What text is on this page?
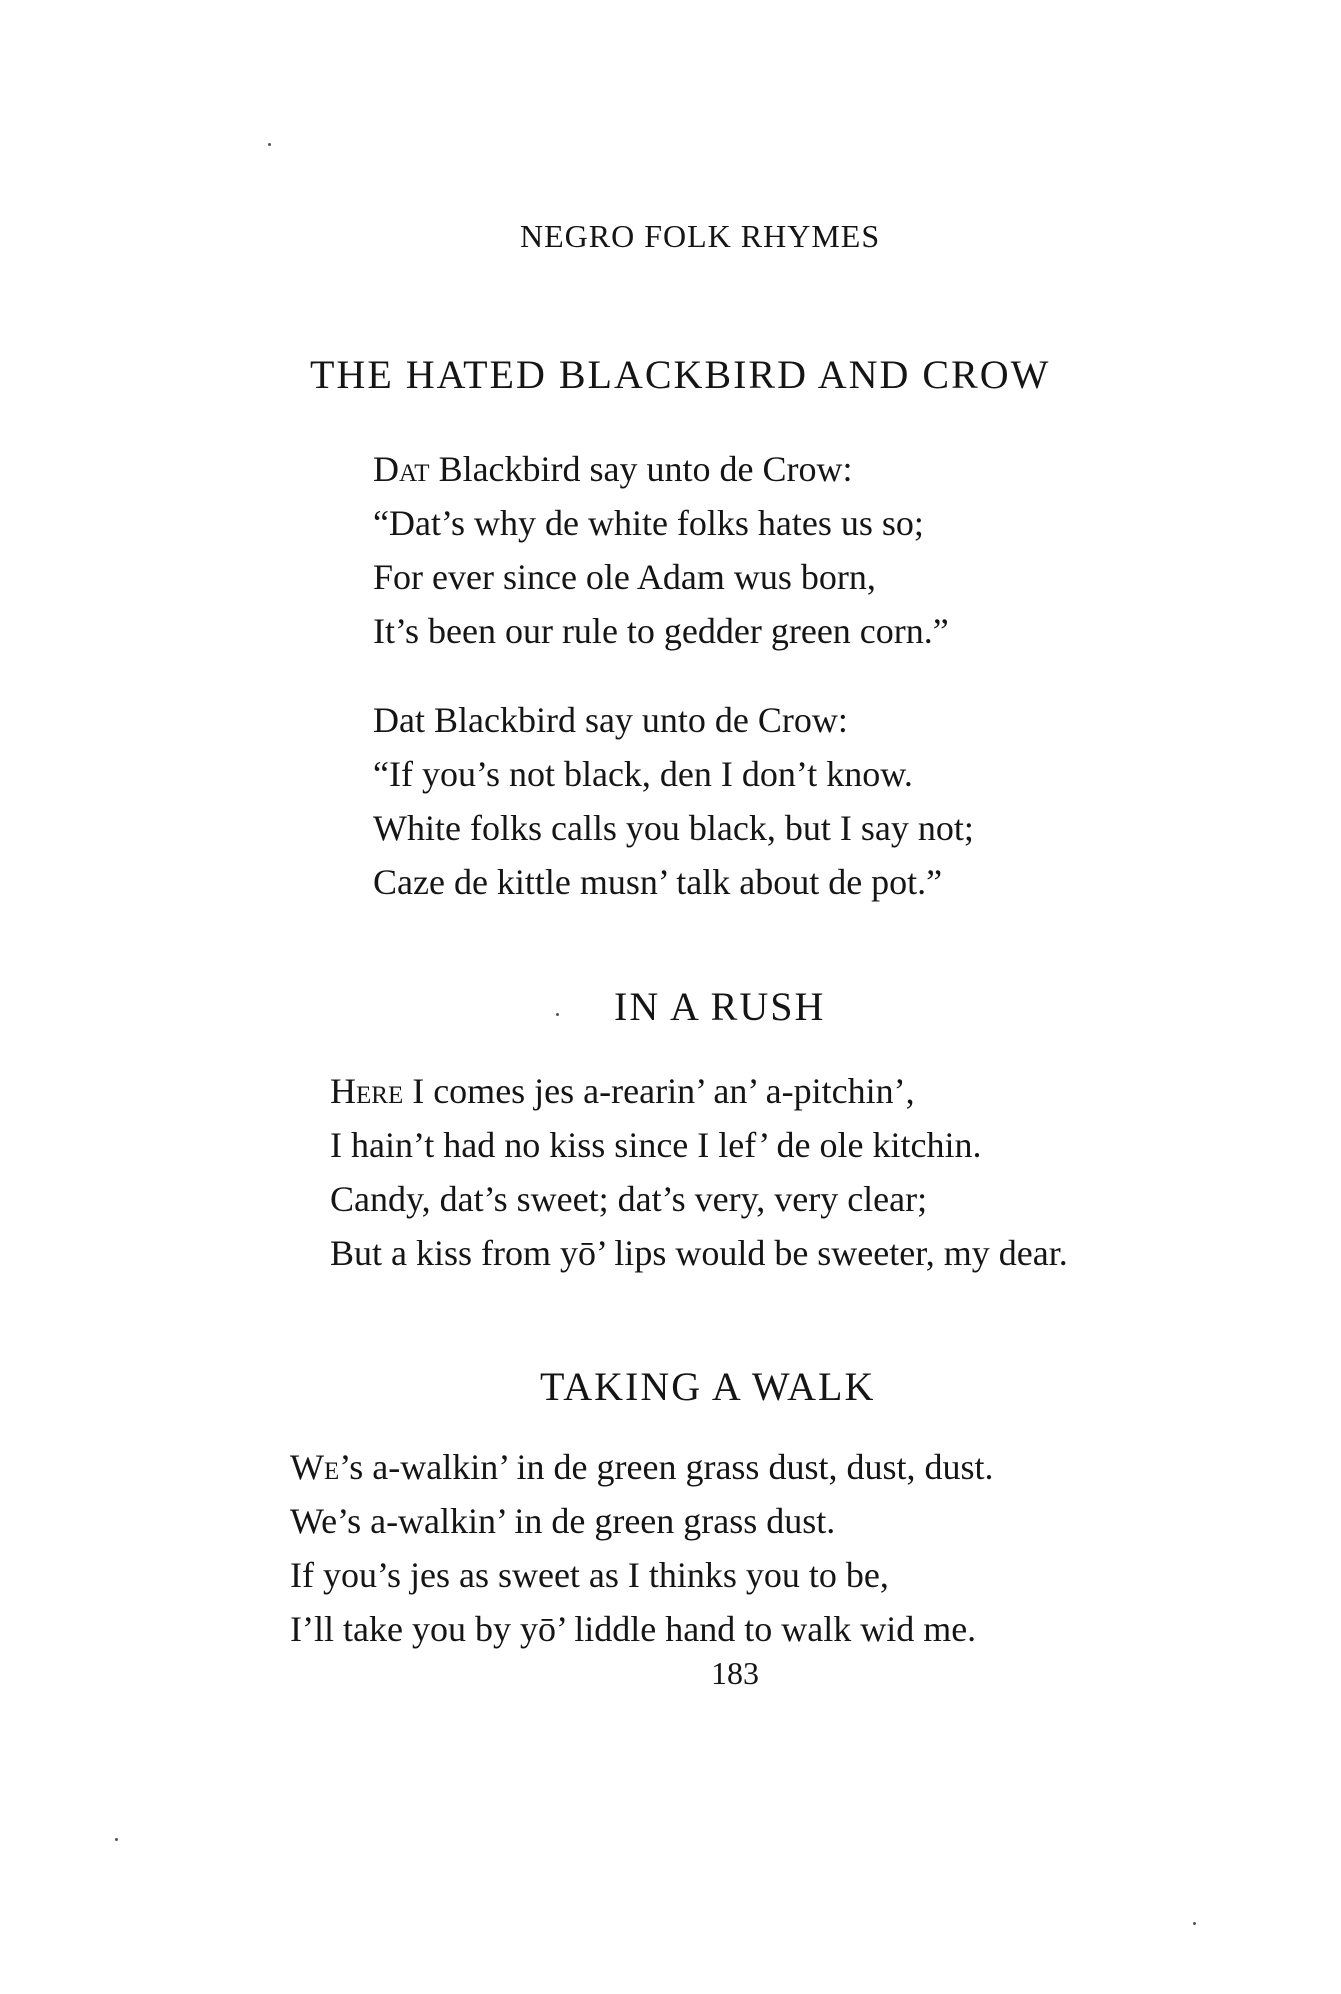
NEGRO FOLK RHYMES
THE HATED BLACKBIRD AND CROW
Dat Blackbird say unto de Crow:
“Dat’s why de white folks hates us so;
For ever since ole Adam wus born,
It’s been our rule to gedder green corn.”
Dat Blackbird say unto de Crow:
“If you’s not black, den I don’t know.
White folks calls you black, but I say not;
Caze de kittle musn’ talk about de pot.”
IN A RUSH
Here I comes jes a-rearin’ an’ a-pitchin’,
I hain’t had no kiss since I lef’ de ole kitchin.
Candy, dat’s sweet; dat’s very, very clear;
But a kiss from yō’ lips would be sweeter, my dear.
TAKING A WALK
We’s a-walkin’ in de green grass dust, dust, dust.
We’s a-walkin’ in de green grass dust.
If you’s jes as sweet as I thinks you to be,
I’ll take you by yō’ liddle hand to walk wid me.
183
